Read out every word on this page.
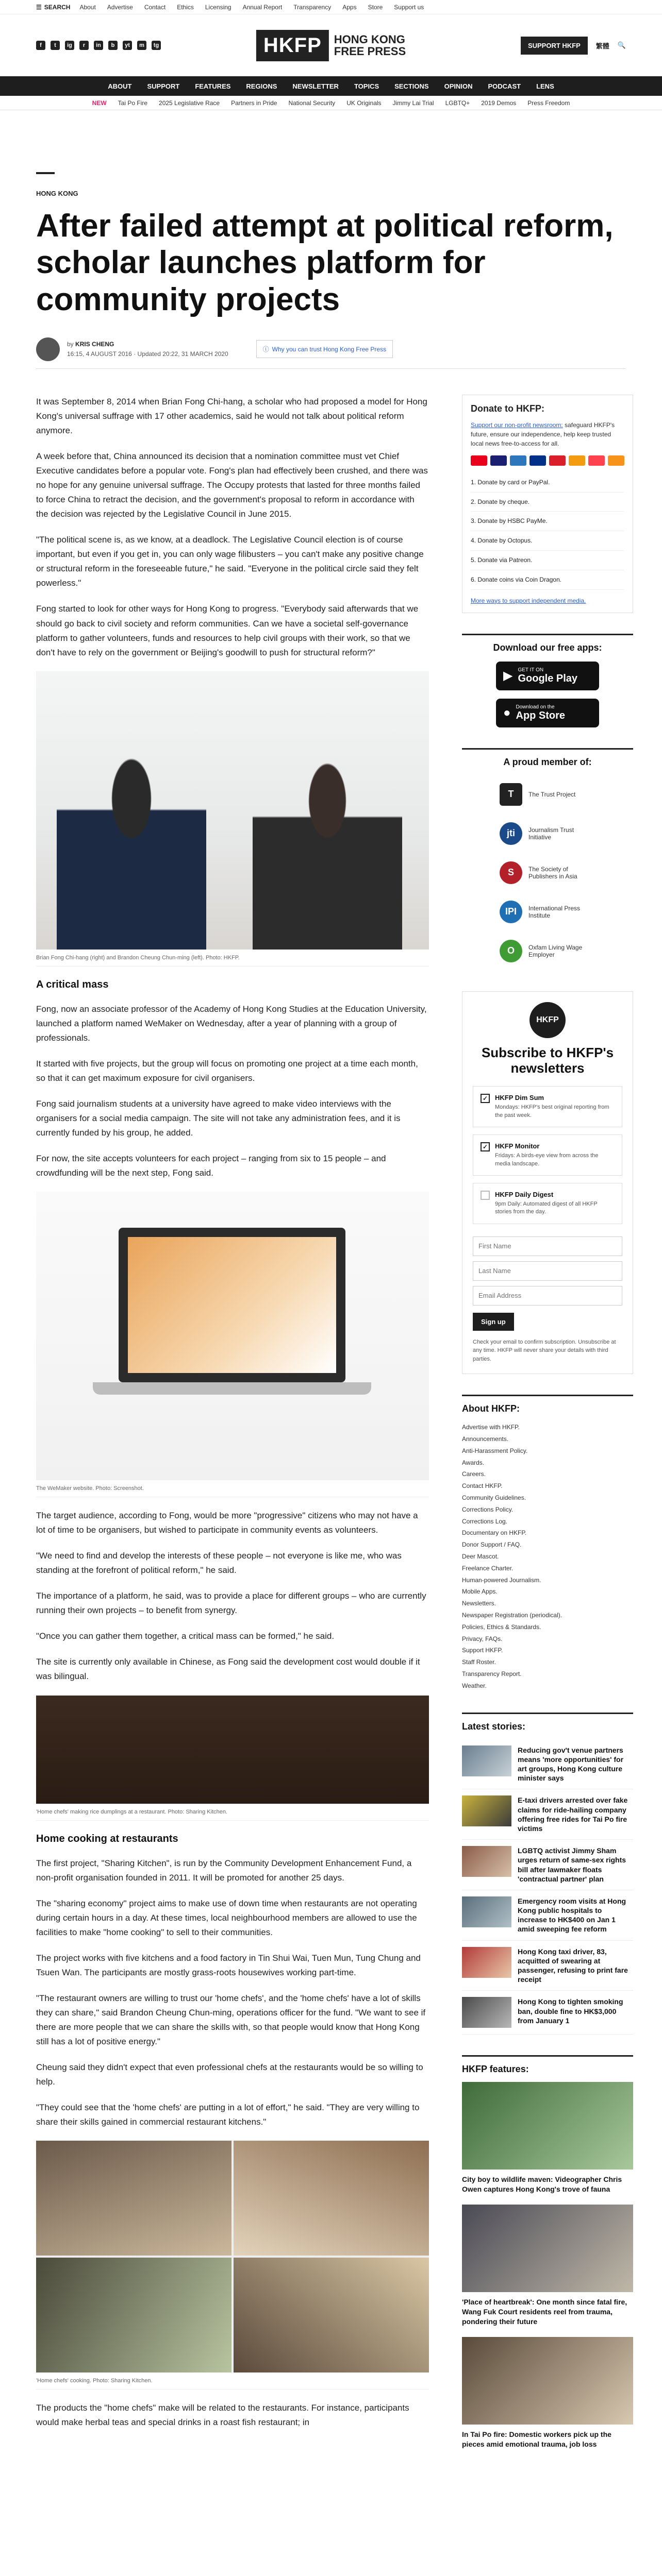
☰ SEARCH About Advertise Contact Ethics Licensing Annual Report Transparency Apps Store Support us
f	t	ig	r	in	b	yt	m	tg	HKFP	HONG KONG
FREE PRESS	SUPPORT HKFP	繁體 🔍
ABOUT SUPPORT FEATURES REGIONS NEWSLETTER TOPICS SECTIONS OPINION PODCAST LENS
NEW Tai Po Fire 2025 Legislative Race Partners in Pride National Security UK Originals Jimmy Lai Trial LGBTQ+ 2019 Demos Press Freedom
HONG KONG
After failed attempt at political reform, scholar launches platform for community projects
by KRIS CHENG
16:15, 4 AUGUST 2016 · Updated 20:22, 31 MARCH 2020
ⓘ Why you can trust Hong Kong Free Press

It was September 8, 2014 when Brian Fong Chi-hang, a scholar who had proposed a model for Hong Kong's universal suffrage with 17 other academics, said he would not talk about political reform anymore.

A week before that, China announced its decision that a nomination committee must vet Chief Executive candidates before a popular vote. Fong's plan had effectively been crushed, and there was no hope for any genuine universal suffrage. The Occupy protests that lasted for three months failed to force China to retract the decision, and the government's proposal to reform in accordance with the decision was rejected by the Legislative Council in June 2015.

"The political scene is, as we know, at a deadlock. The Legislative Council election is of course important, but even if you get in, you can only wage filibusters – you can't make any positive change or structural reform in the foreseeable future," he said. "Everyone in the political circle said they felt powerless."

Fong started to look for other ways for Hong Kong to progress. "Everybody said afterwards that we should go back to civil society and reform communities. Can we have a societal self-governance platform to gather volunteers, funds and resources to help civil groups with their work, so that we don't have to rely on the government or Beijing's goodwill to push for structural reform?"

Brian Fong Chi-hang (right) and Brandon Cheung Chun-ming (left). Photo: HKFP.
A critical mass

Fong, now an associate professor of the Academy of Hong Kong Studies at the Education University, launched a platform named WeMaker on Wednesday, after a year of planning with a group of professionals.

It started with five projects, but the group will focus on promoting one project at a time each month, so that it can get maximum exposure for civil organisers.

Fong said journalism students at a university have agreed to make video interviews with the organisers for a social media campaign. The site will not take any administration fees, and it is currently funded by his group, he added.

For now, the site accepts volunteers for each project – ranging from six to 15 people – and crowdfunding will be the next step, Fong said.

The WeMaker website. Photo: Screenshot.

The target audience, according to Fong, would be more "progressive" citizens who may not have a lot of time to be organisers, but wished to participate in community events as volunteers.

"We need to find and develop the interests of these people – not everyone is like me, who was standing at the forefront of political reform," he said.

The importance of a platform, he said, was to provide a place for different groups – who are currently running their own projects – to benefit from synergy.

"Once you can gather them together, a critical mass can be formed," he said.

The site is currently only available in Chinese, as Fong said the development cost would double if it was bilingual.

'Home chefs' making rice dumplings at a restaurant. Photo: Sharing Kitchen.
Home cooking at restaurants

The first project, "Sharing Kitchen", is run by the Community Development Enhancement Fund, a non-profit organisation founded in 2011. It will be promoted for another 25 days.

The "sharing economy" project aims to make use of down time when restaurants are not operating during certain hours in a day. At these times, local neighbourhood members are allowed to use the facilities to make "home cooking" to sell to their communities.

The project works with five kitchens and a food factory in Tin Shui Wai, Tuen Mun, Tung Chung and Tsuen Wan. The participants are mostly grass-roots housewives working part-time.

"The restaurant owners are willing to trust our 'home chefs', and the 'home chefs' have a lot of skills they can share," said Brandon Cheung Chun-ming, operations officer for the fund. "We want to see if there are more people that we can share the skills with, so that people would know that Hong Kong still has a lot of positive energy."

Cheung said they didn't expect that even professional chefs at the restaurants would be so willing to help.

"They could see that the 'home chefs' are putting in a lot of effort," he said. "They are very willing to share their skills gained in commercial restaurant kitchens."

'Home chefs' cooking. Photo: Sharing Kitchen.

The products the "home chefs" make will be related to the restaurants. For instance, participants would make herbal teas and special drinks in a roast fish restaurant; in

Donate to HKFP:
Support our non-profit newsroom: safeguard HKFP's future, ensure our independence, help keep trusted local news free-to-access for all.
1. Donate by card or PayPal.
2. Donate by cheque.
3. Donate by HSBC PayMe.
4. Donate by Octopus.
5. Donate via Patreon.
6. Donate coins via Coin Dragon.
More ways to support independent media.
Download our free apps:
▶ GET IT ON
Google Play
● Download on the
App Store
A proud member of:
T	The Trust Project
jti	Journalism Trust Initiative
S	The Society of Publishers in Asia
IPI	International Press Institute
O	Oxfam Living Wage Employer
HKFP
Subscribe to HKFP's newsletters
✓	HKFP Dim Sum
Mondays: HKFP's best original reporting from the past week.
✓	HKFP Monitor
Fridays: A birds-eye view from across the media landscape.
HKFP Daily Digest
9pm Daily: Automated digest of all HKFP stories from the day.
First Name Last Name Email Address
Sign up
Check your email to confirm subscription. Unsubscribe at any time. HKFP will never share your details with third parties.
About HKFP:
Advertise with HKFP.
Announcements.
Anti-Harassment Policy.
Awards.
Careers.
Contact HKFP.
Community Guidelines.
Corrections Policy.
Corrections Log.
Documentary on HKFP.
Donor Support / FAQ.
Deer Mascot.
Freelance Charter.
Human-powered Journalism.
Mobile Apps.
Newsletters.
Newspaper Registration (periodical).
Policies, Ethics & Standards.
Privacy, FAQs.
Support HKFP.
Staff Roster.
Transparency Report.
Weather.
Latest stories:
Reducing gov't venue partners means 'more opportunities' for art groups, Hong Kong culture minister says
E-taxi drivers arrested over fake claims for ride-hailing company offering free rides for Tai Po fire victims
LGBTQ activist Jimmy Sham urges return of same-sex rights bill after lawmaker floats 'contractual partner' plan
Emergency room visits at Hong Kong public hospitals to increase to HK$400 on Jan 1 amid sweeping fee reform
Hong Kong taxi driver, 83, acquitted of swearing at passenger, refusing to print fare receipt
Hong Kong to tighten smoking ban, double fine to HK$3,000 from January 1
HKFP features:
City boy to wildlife maven: Videographer Chris Owen captures Hong Kong's trove of fauna
'Place of heartbreak': One month since fatal fire, Wang Fuk Court residents reel from trauma, pondering their future
In Tai Po fire: Domestic workers pick up the pieces amid emotional trauma, job loss
